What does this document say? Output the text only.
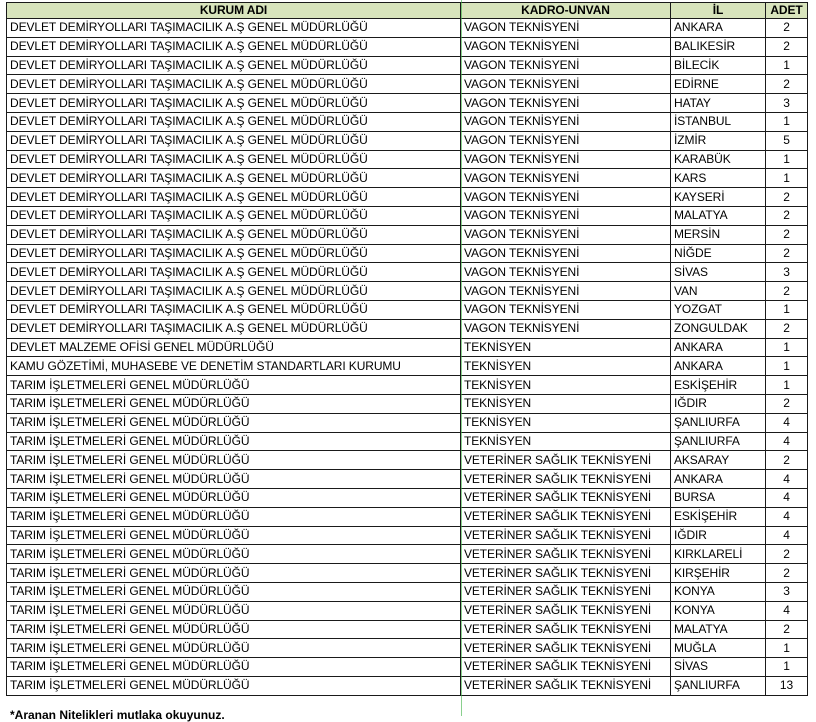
KURUM ADI	KADRO-UNVAN	İL	ADET
DEVLET DEMİRYOLLARI TAŞIMACILIK A.Ş GENEL MÜDÜRLÜĞÜ	VAGON TEKNİSYENİ	ANKARA	2
DEVLET DEMİRYOLLARI TAŞIMACILIK A.Ş GENEL MÜDÜRLÜĞÜ	VAGON TEKNİSYENİ	BALIKESİR	2
DEVLET DEMİRYOLLARI TAŞIMACILIK A.Ş GENEL MÜDÜRLÜĞÜ	VAGON TEKNİSYENİ	BİLECİK	1
DEVLET DEMİRYOLLARI TAŞIMACILIK A.Ş GENEL MÜDÜRLÜĞÜ	VAGON TEKNİSYENİ	EDİRNE	2
DEVLET DEMİRYOLLARI TAŞIMACILIK A.Ş GENEL MÜDÜRLÜĞÜ	VAGON TEKNİSYENİ	HATAY	3
DEVLET DEMİRYOLLARI TAŞIMACILIK A.Ş GENEL MÜDÜRLÜĞÜ	VAGON TEKNİSYENİ	İSTANBUL	1
DEVLET DEMİRYOLLARI TAŞIMACILIK A.Ş GENEL MÜDÜRLÜĞÜ	VAGON TEKNİSYENİ	İZMİR	5
DEVLET DEMİRYOLLARI TAŞIMACILIK A.Ş GENEL MÜDÜRLÜĞÜ	VAGON TEKNİSYENİ	KARABÜK	1
DEVLET DEMİRYOLLARI TAŞIMACILIK A.Ş GENEL MÜDÜRLÜĞÜ	VAGON TEKNİSYENİ	KARS	1
DEVLET DEMİRYOLLARI TAŞIMACILIK A.Ş GENEL MÜDÜRLÜĞÜ	VAGON TEKNİSYENİ	KAYSERİ	2
DEVLET DEMİRYOLLARI TAŞIMACILIK A.Ş GENEL MÜDÜRLÜĞÜ	VAGON TEKNİSYENİ	MALATYA	2
DEVLET DEMİRYOLLARI TAŞIMACILIK A.Ş GENEL MÜDÜRLÜĞÜ	VAGON TEKNİSYENİ	MERSİN	2
DEVLET DEMİRYOLLARI TAŞIMACILIK A.Ş GENEL MÜDÜRLÜĞÜ	VAGON TEKNİSYENİ	NİĞDE	2
DEVLET DEMİRYOLLARI TAŞIMACILIK A.Ş GENEL MÜDÜRLÜĞÜ	VAGON TEKNİSYENİ	SİVAS	3
DEVLET DEMİRYOLLARI TAŞIMACILIK A.Ş GENEL MÜDÜRLÜĞÜ	VAGON TEKNİSYENİ	VAN	2
DEVLET DEMİRYOLLARI TAŞIMACILIK A.Ş GENEL MÜDÜRLÜĞÜ	VAGON TEKNİSYENİ	YOZGAT	1
DEVLET DEMİRYOLLARI TAŞIMACILIK A.Ş GENEL MÜDÜRLÜĞÜ	VAGON TEKNİSYENİ	ZONGULDAK	2
DEVLET MALZEME OFİSİ GENEL MÜDÜRLÜĞÜ	TEKNİSYEN	ANKARA	1
KAMU GÖZETİMİ, MUHASEBE VE DENETİM STANDARTLARI KURUMU	TEKNİSYEN	ANKARA	1
TARIM İŞLETMELERİ GENEL MÜDÜRLÜĞÜ	TEKNİSYEN	ESKİŞEHİR	1
TARIM İŞLETMELERİ GENEL MÜDÜRLÜĞÜ	TEKNİSYEN	IĞDIR	2
TARIM İŞLETMELERİ GENEL MÜDÜRLÜĞÜ	TEKNİSYEN	ŞANLIURFA	4
TARIM İŞLETMELERİ GENEL MÜDÜRLÜĞÜ	TEKNİSYEN	ŞANLIURFA	4
TARIM İŞLETMELERİ GENEL MÜDÜRLÜĞÜ	VETERİNER SAĞLIK TEKNİSYENİ	AKSARAY	2
TARIM İŞLETMELERİ GENEL MÜDÜRLÜĞÜ	VETERİNER SAĞLIK TEKNİSYENİ	ANKARA	4
TARIM İŞLETMELERİ GENEL MÜDÜRLÜĞÜ	VETERİNER SAĞLIK TEKNİSYENİ	BURSA	4
TARIM İŞLETMELERİ GENEL MÜDÜRLÜĞÜ	VETERİNER SAĞLIK TEKNİSYENİ	ESKİŞEHİR	4
TARIM İŞLETMELERİ GENEL MÜDÜRLÜĞÜ	VETERİNER SAĞLIK TEKNİSYENİ	IĞDIR	4
TARIM İŞLETMELERİ GENEL MÜDÜRLÜĞÜ	VETERİNER SAĞLIK TEKNİSYENİ	KIRKLARELİ	2
TARIM İŞLETMELERİ GENEL MÜDÜRLÜĞÜ	VETERİNER SAĞLIK TEKNİSYENİ	KIRŞEHİR	2
TARIM İŞLETMELERİ GENEL MÜDÜRLÜĞÜ	VETERİNER SAĞLIK TEKNİSYENİ	KONYA	3
TARIM İŞLETMELERİ GENEL MÜDÜRLÜĞÜ	VETERİNER SAĞLIK TEKNİSYENİ	KONYA	4
TARIM İŞLETMELERİ GENEL MÜDÜRLÜĞÜ	VETERİNER SAĞLIK TEKNİSYENİ	MALATYA	2
TARIM İŞLETMELERİ GENEL MÜDÜRLÜĞÜ	VETERİNER SAĞLIK TEKNİSYENİ	MUĞLA	1
TARIM İŞLETMELERİ GENEL MÜDÜRLÜĞÜ	VETERİNER SAĞLIK TEKNİSYENİ	SİVAS	1
TARIM İŞLETMELERİ GENEL MÜDÜRLÜĞÜ	VETERİNER SAĞLIK TEKNİSYENİ	ŞANLIURFA	13
*Aranan Nitelikleri mutlaka okuyunuz.
